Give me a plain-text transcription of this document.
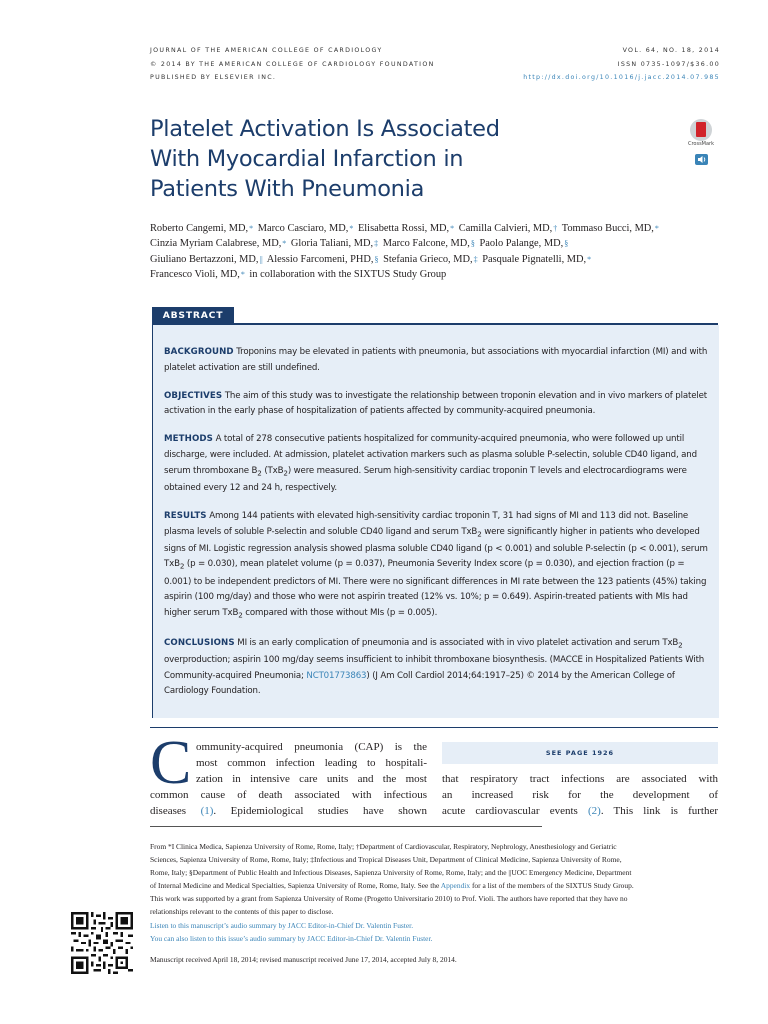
JOURNAL OF THE AMERICAN COLLEGE OF CARDIOLOGY	VOL. 64, NO. 18, 2014
© 2014 BY THE AMERICAN COLLEGE OF CARDIOLOGY FOUNDATION	ISSN 0735-1097/$36.00
PUBLISHED BY ELSEVIER INC.	http://dx.doi.org/10.1016/j.jacc.2014.07.985
Platelet Activation Is Associated
With Myocardial Infarction in
Patients With Pneumonia
CrossMark
Roberto Cangemi, MD,* Marco Casciaro, MD,* Elisabetta Rossi, MD,* Camilla Calvieri, MD,† Tommaso Bucci, MD,*
Cinzia Myriam Calabrese, MD,* Gloria Taliani, MD,‡ Marco Falcone, MD,§ Paolo Palange, MD,§
Giuliano Bertazzoni, MD,|| Alessio Farcomeni, PHD,§ Stefania Grieco, MD,‡ Pasquale Pignatelli, MD,*
Francesco Violi, MD,* in collaboration with the SIXTUS Study Group
ABSTRACT

BACKGROUND Troponins may be elevated in patients with pneumonia, but associations with myocardial infarction (MI) and with platelet activation are still undefined.

OBJECTIVES The aim of this study was to investigate the relationship between troponin elevation and in vivo markers of platelet activation in the early phase of hospitalization of patients affected by community-acquired pneumonia.

METHODS A total of 278 consecutive patients hospitalized for community-acquired pneumonia, who were followed up until discharge, were included. At admission, platelet activation markers such as plasma soluble P-selectin, soluble CD40 ligand, and serum thromboxane $B_2$ (TxB$_2$) were measured. Serum high-sensitivity cardiac troponin T levels and electrocardiograms were obtained every 12 and 24 h, respectively.

RESULTS Among 144 patients with elevated high-sensitivity cardiac troponin T, 31 had signs of MI and 113 did not. Baseline plasma levels of soluble P-selectin and soluble CD40 ligand and serum TxB$_2$ were significantly higher in patients who developed signs of MI. Logistic regression analysis showed plasma soluble CD40 ligand (p < 0.001) and soluble P-selectin (p < 0.001), serum TxB$_2$ (p = 0.030), mean platelet volume (p = 0.037), Pneumonia Severity Index score (p = 0.030), and ejection fraction (p = 0.001) to be independent predictors of MI. There were no significant differences in MI rate between the 123 patients (45%) taking aspirin (100 mg/day) and those who were not aspirin treated (12% vs. 10%; p = 0.649). Aspirin-treated patients with MIs had higher serum TxB$_2$ compared with those without MIs (p = 0.005).

CONCLUSIONS MI is an early complication of pneumonia and is associated with in vivo platelet activation and serum TxB$_2$ overproduction; aspirin 100 mg/day seems insufficient to inhibit thromboxane biosynthesis. (MACCE in Hospitalized Patients With Community-acquired Pneumonia; NCT01773863) (J Am Coll Cardiol 2014;64:1917–25) © 2014 by the American College of Cardiology Foundation.

C ommunity-acquired pneumonia (CAP) is the
most common infection leading to hospitali-
zation in intensive care units and the most
common cause of death associated with infectious
diseases (1). Epidemiological studies have shown
SEE PAGE 1926
that respiratory tract infections are associated with
an increased risk for the development of
acute cardiovascular events (2). This link is further

From *I Clinica Medica, Sapienza University of Rome, Rome, Italy; †Department of Cardiovascular, Respiratory, Nephrology, Anesthesiology and Geriatric Sciences, Sapienza University of Rome, Rome, Italy; ‡Infectious and Tropical Diseases Unit, Department of Clinical Medicine, Sapienza University of Rome, Rome, Italy; §Department of Public Health and Infectious Diseases, Sapienza University of Rome, Rome, Italy; and the ||UOC Emergency Medicine, Department of Internal Medicine and Medical Specialties, Sapienza University of Rome, Rome, Italy. See the Appendix for a list of the members of the SIXTUS Study Group. This work was supported by a grant from Sapienza University of Rome (Progetto Universitario 2010) to Prof. Violi. The authors have reported that they have no relationships relevant to the contents of this paper to disclose.

Listen to this manuscript’s audio summary by JACC Editor-in-Chief Dr. Valentin Fuster.

You can also listen to this issue’s audio summary by JACC Editor-in-Chief Dr. Valentin Fuster.

Manuscript received April 18, 2014; revised manuscript received June 17, 2014, accepted July 8, 2014.
